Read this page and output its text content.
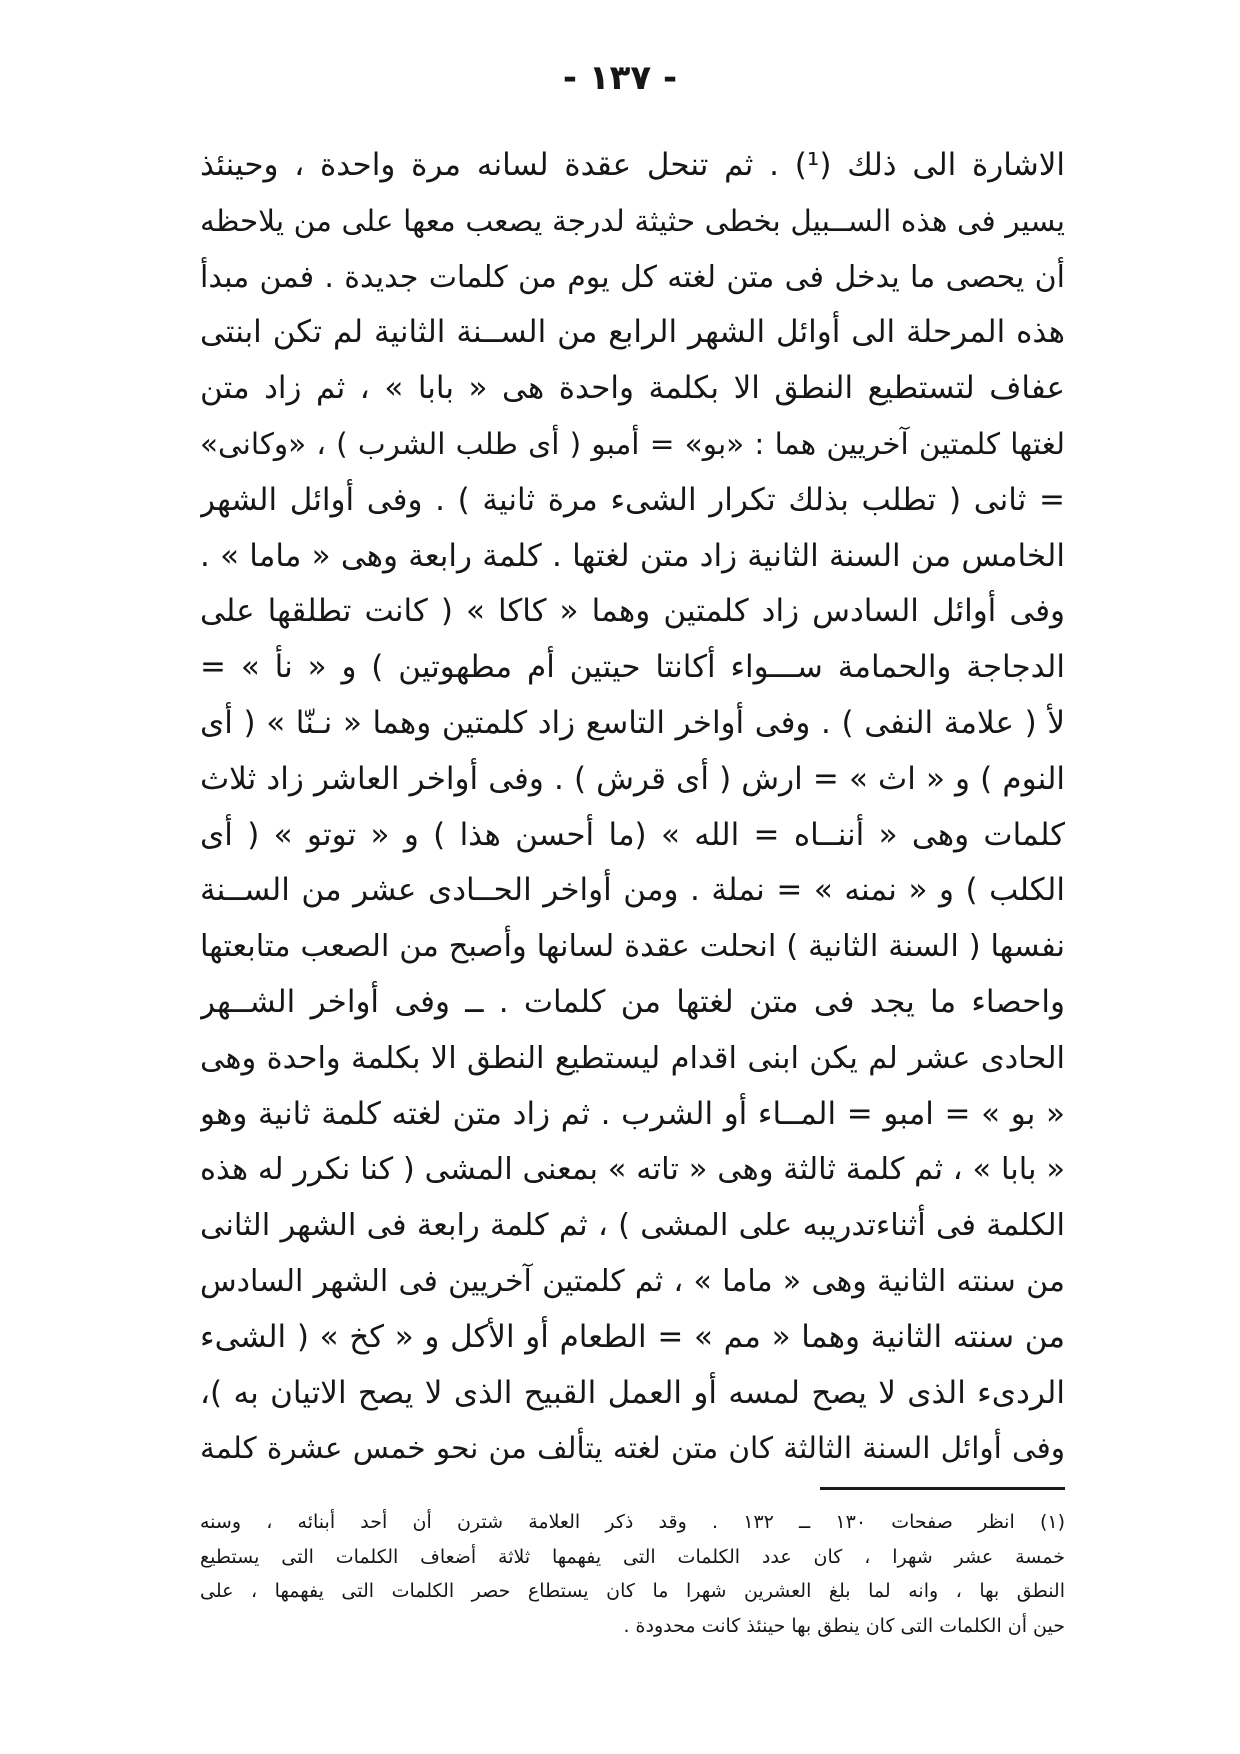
- ١٣٧ -
الاشارة الى ذلك (¹) . ثم تنحل عقدة لسانه مرة واحدة ، وحينئذ
يسير فى هذه الســبيل بخطى حثيثة لدرجة يصعب معها على من يلاحظه
أن يحصى ما يدخل فى متن لغته كل يوم من كلمات جديدة . فمن مبدأ
هذه المرحلة الى أوائل الشهر الرابع من الســنة الثانية لم تكن ابنتى
عفاف لتستطيع النطق الا بكلمة واحدة هى « بابا » ، ثم زاد متن
لغتها كلمتين آخريين هما : «بو» = أمبو ( أى طلب الشرب ) ، «وكانى»
= ثانى ( تطلب بذلك تكرار الشىء مرة ثانية ) . وفى أوائل الشهر
الخامس من السنة الثانية زاد متن لغتها . كلمة رابعة وهى « ماما » .
وفى أوائل السادس زاد كلمتين وهما « كاكا » ( كانت تطلقها على
الدجاجة والحمامة ســـواء أكانتا حيتين أم مطهوتين ) و « نأ » =
لأ ( علامة النفى ) . وفى أواخر التاسع زاد كلمتين وهما « نـنّا » ( أى
النوم ) و « اث » = ارش ( أى قرش ) . وفى أواخر العاشر زاد ثلاث
كلمات وهى « أننــاه = الله » (ما أحسن هذا ) و « توتو » ( أى
الكلب ) و « نمنه » = نملة . ومن أواخر الحــادى عشر من الســنة
نفسها ( السنة الثانية ) انحلت عقدة لسانها وأصبح من الصعب متابعتها
واحصاء ما يجد فى متن لغتها من كلمات . ــ وفى أواخر الشــهر
الحادى عشر لم يكن ابنى اقدام ليستطيع النطق الا بكلمة واحدة وهى
« بو » = امبو = المــاء أو الشرب . ثم زاد متن لغته كلمة ثانية وهو
« بابا » ، ثم كلمة ثالثة وهى « تاته » بمعنى المشى ( كنا نكرر له هذه
الكلمة فى أثناءتدريبه على المشى ) ، ثم كلمة رابعة فى الشهر الثانى
من سنته الثانية وهى « ماما » ، ثم كلمتين آخريين فى الشهر السادس
من سنته الثانية وهما « مم » = الطعام أو الأكل و « كخ » ( الشىء
الردىء الذى لا يصح لمسه أو العمل القبيح الذى لا يصح الاتيان به )،
وفى أوائل السنة الثالثة كان متن لغته يتألف من نحو خمس عشرة كلمة
(١) انظر صفحات ١٣٠ ــ ١٣٢ . وقد ذكر العلامة شترن أن أحد أبنائه ، وسنه
خمسة عشر شهرا ، كان عدد الكلمات التى يفهمها ثلاثة أضعاف الكلمات التى يستطيع
النطق بها ، وانه لما بلغ العشرين شهرا ما كان يستطاع حصر الكلمات التى يفهمها ، على
حين أن الكلمات التى كان ينطق بها حينئذ كانت محدودة .
